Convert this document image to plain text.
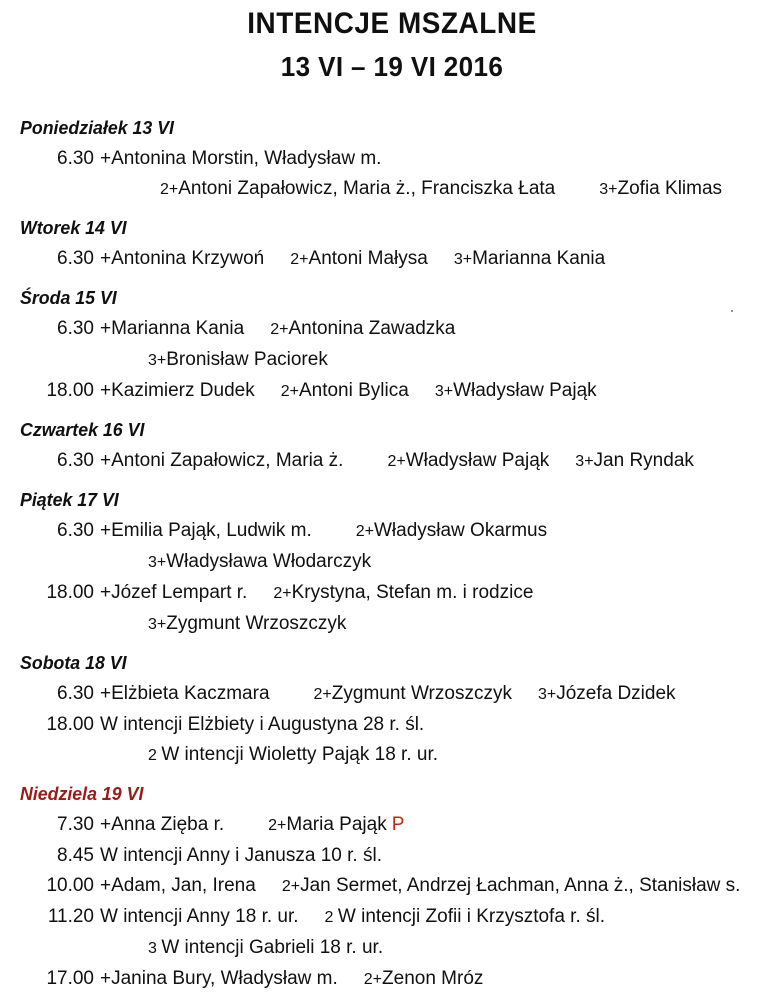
INTENCJE MSZALNE
13 VI – 19 VI 2016
Poniedziałek 13 VI
6.30 +Antonina Morstin, Władysław m.
2+Antoni Zapałowicz, Maria ż., Franciszka Łata	3+Zofia Klimas
Wtorek 14 VI
6.30 +Antonina Krzywoń	2+Antoni Małysa	3+Marianna Kania
Środa 15 VI
6.30 +Marianna Kania	2+Antonina Zawadzka
3+Bronisław Paciorek
18.00 +Kazimierz Dudek	2+Antoni Bylica	3+Władysław Pająk
Czwartek 16 VI
6.30 +Antoni Zapałowicz, Maria ż.	2+Władysław Pająk	3+Jan Ryndak
Piątek 17 VI
6.30 +Emilia Pająk, Ludwik m.	2+Władysław Okarmus
3+Władysława Włodarczyk
18.00 +Józef Lempart r.	2+Krystyna, Stefan m. i rodzice
3+Zygmunt Wrzoszczyk
Sobota 18 VI
6.30 +Elżbieta Kaczmara	2+Zygmunt Wrzoszczyk	3+Józefa Dzidek
18.00 W intencji Elżbiety i Augustyna 28 r. śl.
2 W intencji Wioletty Pająk 18 r. ur.
Niedziela 19 VI
7.30 +Anna Zięba r.	2+Maria Pająk P
8.45 W intencji Anny i Janusza 10 r. śl.
10.00 +Adam, Jan, Irena	2+Jan Sermet, Andrzej Łachman, Anna ż., Stanisław s.
11.20 W intencji Anny 18 r. ur.	2 W intencji Zofii i Krzysztofa r. śl.
3 W intencji Gabrieli 18 r. ur.
17.00 +Janina Bury, Władysław m.	2+Zenon Mróz
